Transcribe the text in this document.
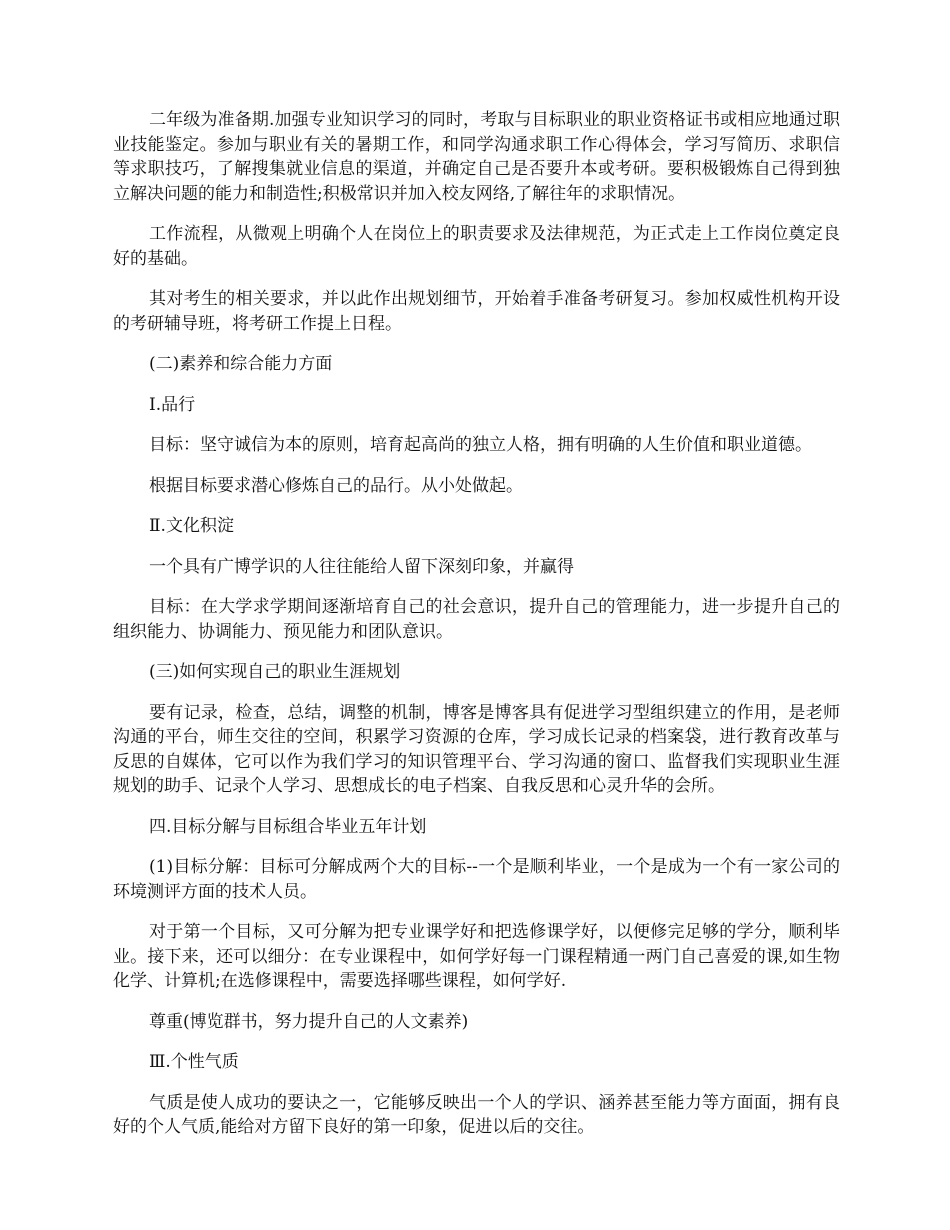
二年级为准备期.加强专业知识学习的同时，考取与目标职业的职业资格证书或相应地通过职业技能鉴定。参加与职业有关的暑期工作，和同学沟通求职工作心得体会，学习写简历、求职信等求职技巧，了解搜集就业信息的渠道，并确定自己是否要升本或考研。要积极锻炼自己得到独立解决问题的能力和制造性;积极常识并加入校友网络,了解往年的求职情况。

工作流程，从微观上明确个人在岗位上的职责要求及法律规范，为正式走上工作岗位奠定良好的基础。

其对考生的相关要求，并以此作出规划细节，开始着手准备考研复习。参加权威性机构开设的考研辅导班，将考研工作提上日程。

(二)素养和综合能力方面

Ⅰ.品行

目标：坚守诚信为本的原则，培育起高尚的独立人格，拥有明确的人生价值和职业道德。

根据目标要求潜心修炼自己的品行。从小处做起。

Ⅱ.文化积淀

一个具有广博学识的人往往能给人留下深刻印象，并赢得

目标：在大学求学期间逐渐培育自己的社会意识，提升自己的管理能力，进一步提升自己的组织能力、协调能力、预见能力和团队意识。

(三)如何实现自己的职业生涯规划

要有记录，检查，总结，调整的机制，博客是博客具有促进学习型组织建立的作用，是老师沟通的平台，师生交往的空间，积累学习资源的仓库，学习成长记录的档案袋，进行教育改革与反思的自媒体，它可以作为我们学习的知识管理平台、学习沟通的窗口、监督我们实现职业生涯规划的助手、记录个人学习、思想成长的电子档案、自我反思和心灵升华的会所。

四.目标分解与目标组合毕业五年计划

(1)目标分解：目标可分解成两个大的目标--一个是顺利毕业，一个是成为一个有一家公司的环境测评方面的技术人员。

对于第一个目标，又可分解为把专业课学好和把选修课学好，以便修完足够的学分，顺利毕业。接下来，还可以细分：在专业课程中，如何学好每一门课程精通一两门自己喜爱的课,如生物化学、计算机;在选修课程中，需要选择哪些课程，如何学好.

尊重(博览群书，努力提升自己的人文素养)

Ⅲ.个性气质

气质是使人成功的要诀之一，它能够反映出一个人的学识、涵养甚至能力等方面面，拥有良好的个人气质,能给对方留下良好的第一印象，促进以后的交往。
